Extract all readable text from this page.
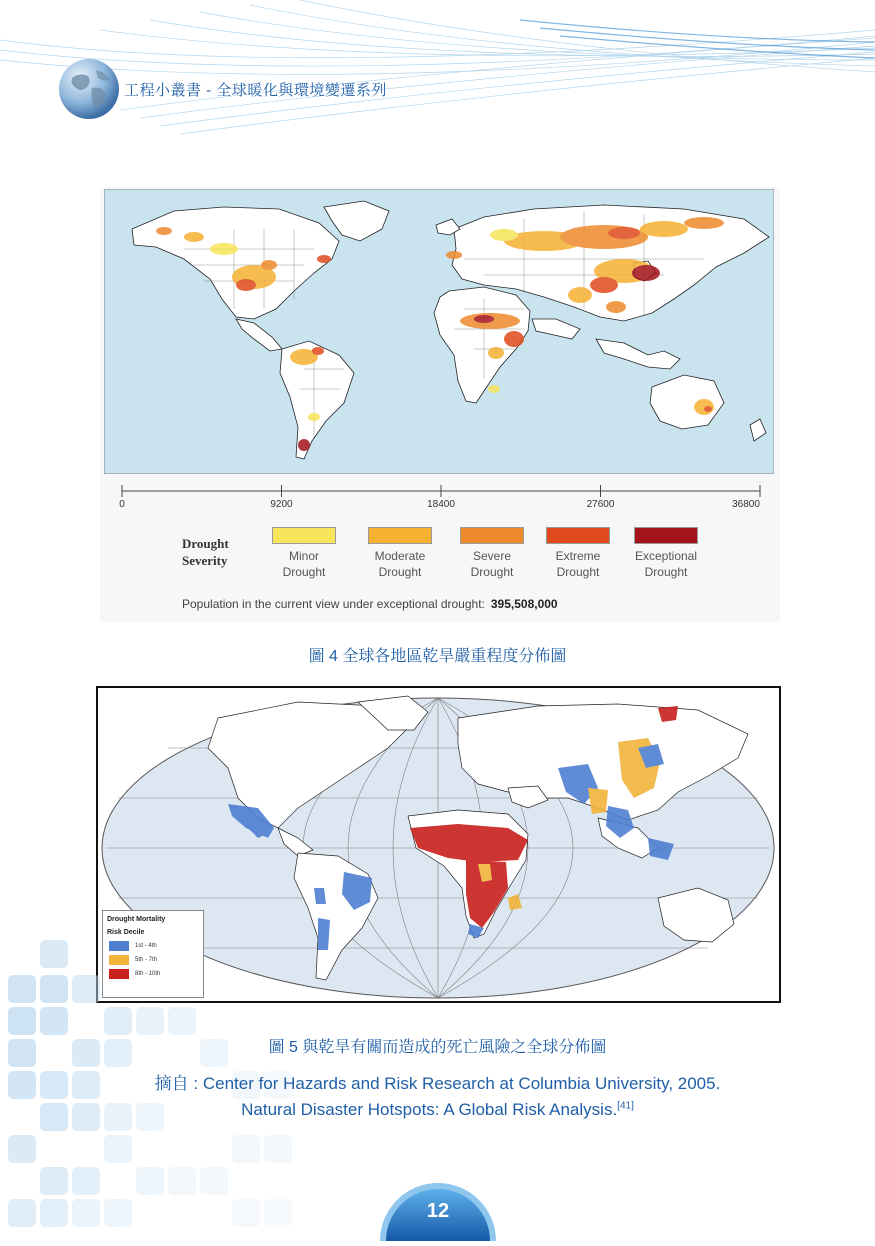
工程小叢書 - 全球暖化與環境變遷系列
0	9200	18400	27600	36800
Drought
Severity	Minor
Drought
Moderate
Drought
Severe
Drought
Extreme
Drought
Exceptional
Drought
Population in the current view under exceptional drought: 395,508,000
圖 4 全球各地區乾旱嚴重程度分佈圖
Drought Mortality
Risk Decile
1st - 4th
5th - 7th
8th - 10th
圖 5 與乾旱有關而造成的死亡風險之全球分佈圖
摘自 : Center for Hazards and Risk Research at Columbia University, 2005.
Natural Disaster Hotspots: A Global Risk Analysis.[41]
12
